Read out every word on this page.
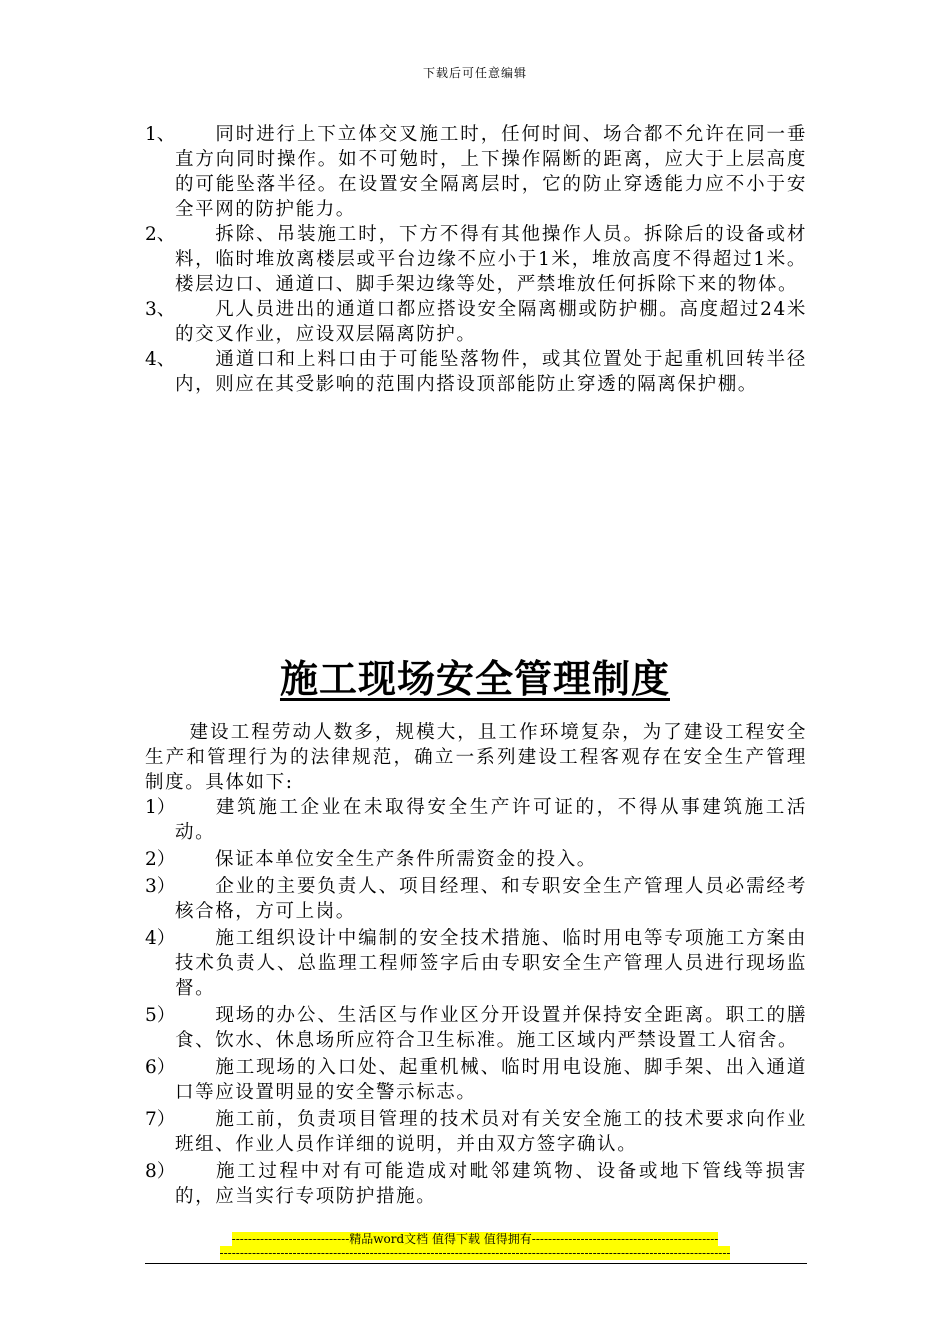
下载后可任意编辑

1、	同时进行上下立体交叉施工时，任何时间、场合都不允许在同一垂直方向同时操作。如不可勉时，上下操作隔断的距离，应大于上层高度的可能坠落半径。在设置安全隔离层时，它的防止穿透能力应不小于安全平网的防护能力。

2、	拆除、吊装施工时，下方不得有其他操作人员。拆除后的设备或材料，临时堆放离楼层或平台边缘不应小于1米，堆放高度不得超过1米。楼层边口、通道口、脚手架边缘等处，严禁堆放任何拆除下来的物体。

3、	凡人员进出的通道口都应搭设安全隔离棚或防护棚。高度超过24米的交叉作业，应设双层隔离防护。

4、	通道口和上料口由于可能坠落物件，或其位置处于起重机回转半径内，则应在其受影响的范围内搭设顶部能防止穿透的隔离保护棚。

施工现场安全管理制度
建设工程劳动人数多，规模大，且工作环境复杂，为了建设工程安全生产和管理行为的法律规范，确立一系列建设工程客观存在安全生产管理制度。具体如下:

1）	建筑施工企业在未取得安全生产许可证的，不得从事建筑施工活动。

2）	保证本单位安全生产条件所需资金的投入。

3）	企业的主要负责人、项目经理、和专职安全生产管理人员必需经考核合格，方可上岗。

4）	施工组织设计中编制的安全技术措施、临时用电等专项施工方案由技术负责人、总监理工程师签字后由专职安全生产管理人员进行现场监督。

5）	现场的办公、生活区与作业区分开设置并保持安全距离。职工的膳食、饮水、休息场所应符合卫生标准。施工区域内严禁设置工人宿舍。

6）	施工现场的入口处、起重机械、临时用电设施、脚手架、出入通道口等应设置明显的安全警示标志。

7）	施工前，负责项目管理的技术员对有关安全施工的技术要求向作业班组、作业人员作详细的说明，并由双方签字确认。

8）	施工过程中对有可能造成对毗邻建筑物、设备或地下管线等损害的，应当实行专项防护措施。

-----------------------------精品word文档 值得下载 值得拥有----------------------------------------------
------------------------------------------------------------------------------------------------------------------------------
